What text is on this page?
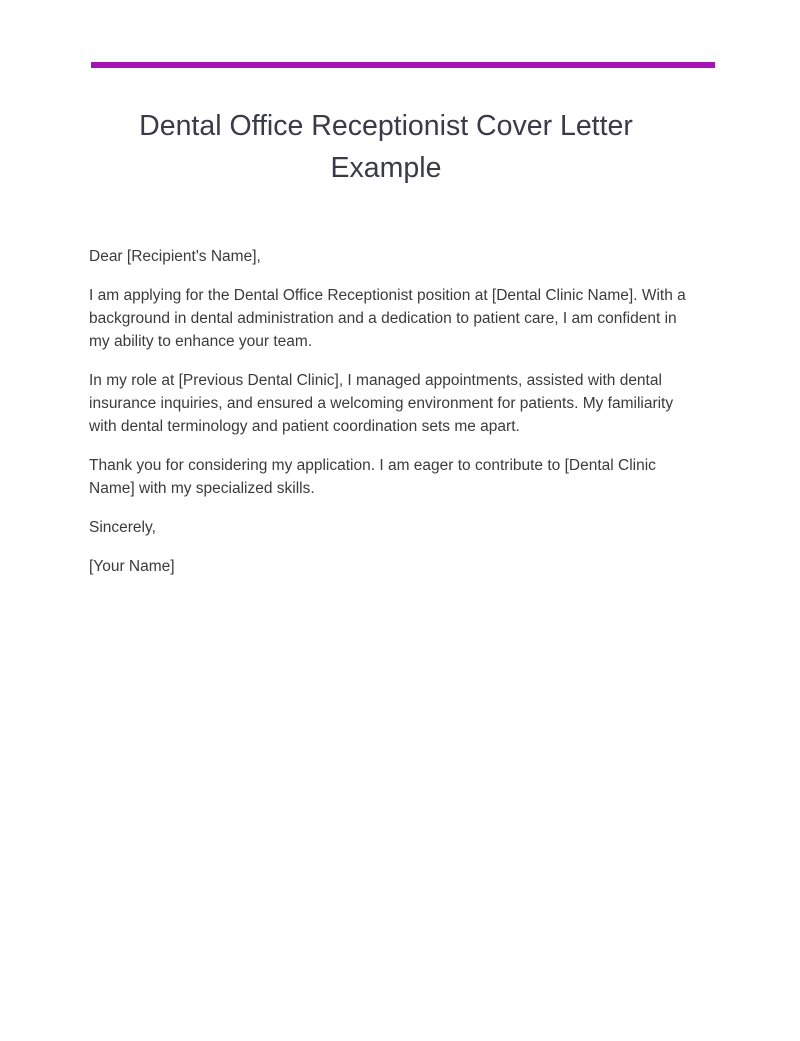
Dental Office Receptionist Cover Letter Example

Dear [Recipient's Name],

I am applying for the Dental Office Receptionist position at [Dental Clinic Name]. With a background in dental administration and a dedication to patient care, I am confident in my ability to enhance your team.

In my role at [Previous Dental Clinic], I managed appointments, assisted with dental insurance inquiries, and ensured a welcoming environment for patients. My familiarity with dental terminology and patient coordination sets me apart.

Thank you for considering my application. I am eager to contribute to [Dental Clinic Name] with my specialized skills.

Sincerely,

[Your Name]
